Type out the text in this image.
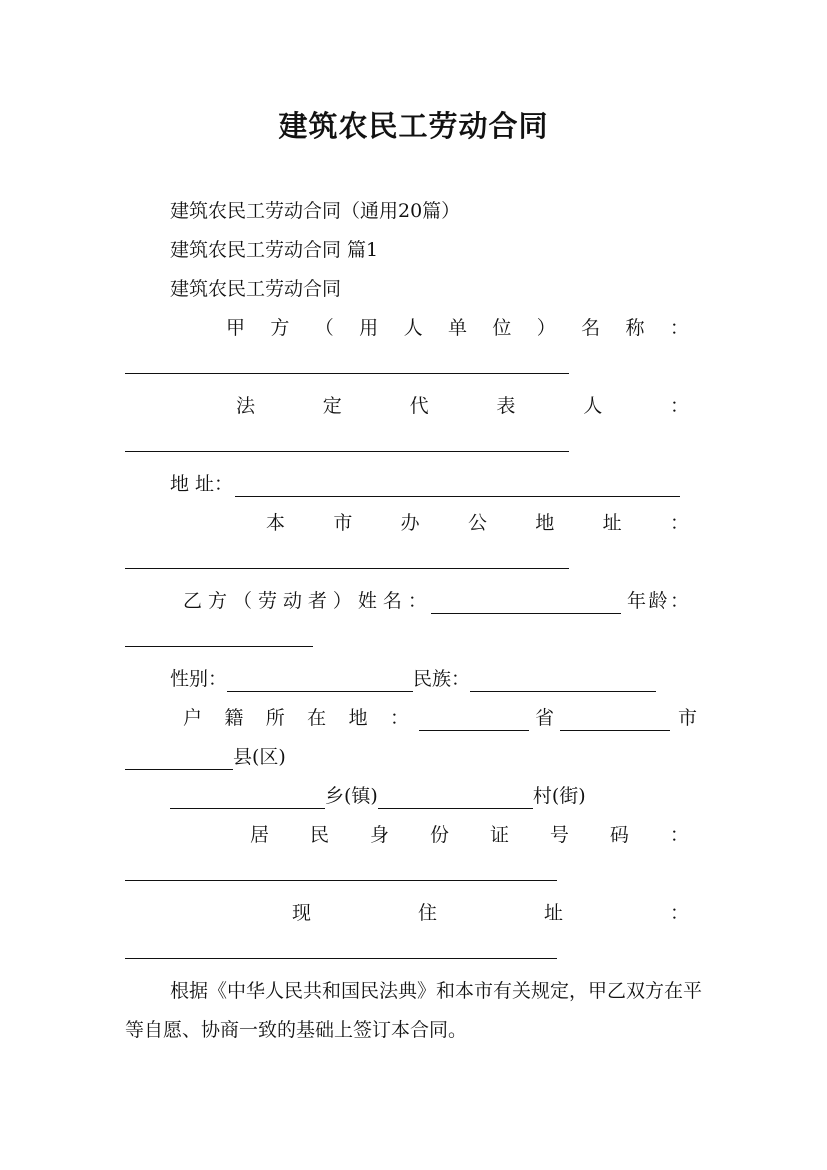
建筑农民工劳动合同
建筑农民工劳动合同（通用20篇）
建筑农民工劳动合同 篇1
建筑农民工劳动合同
甲 方 （ 用 人 单 位 ） 名 称 ：
法	定	代	表	人	：
地 址：
本	市	办	公	地	址	：
乙 方 （ 劳 动 者 ） 姓 名 ：	年 龄 ：
性别：	民族：
户 籍 所 在 地 ：	省	市
县(区)
乡(镇)	村(街)
居 民 身 份 证 号 码 ：
现	住	址	：
根据《中华人民共和国民法典》和本市有关规定，甲乙双方在平等自愿、协商一致的基础上签订本合同。
